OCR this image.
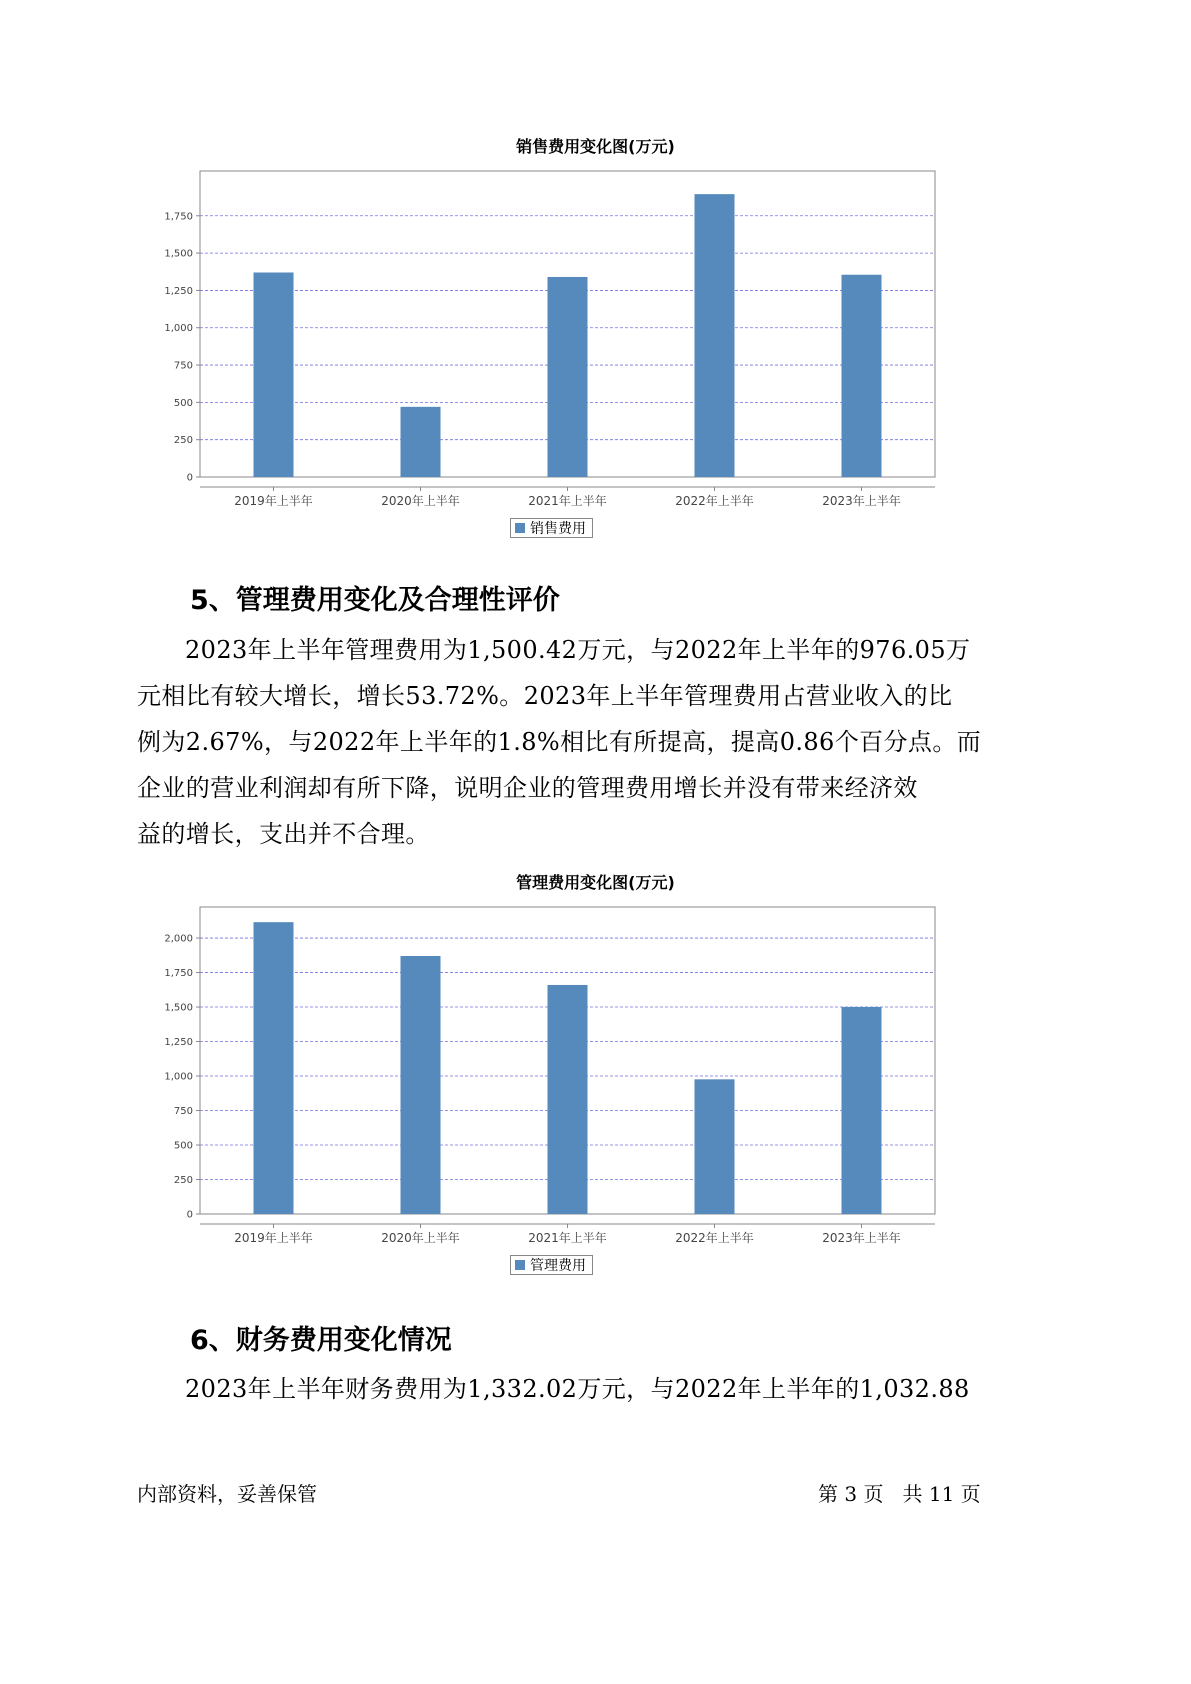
销售费用变化图(万元)
0
250
500
750
1,000
1,250
1,500
1,750
2019年上半年	2020年上半年	2021年上半年	2022年上半年	2023年上半年
销售费用
5、管理费用变化及合理性评价
2023年上半年管理费用为1,500.42万元，与2022年上半年的976.05万
元相比有较大增长，增长53.72%。2023年上半年管理费用占营业收入的比
例为2.67%，与2022年上半年的1.8%相比有所提高，提高0.86个百分点。而
企业的营业利润却有所下降，说明企业的管理费用增长并没有带来经济效
益的增长，支出并不合理。
管理费用变化图(万元)
0
250
500
750
1,000
1,250
1,500
1,750
2,000
2019年上半年	2020年上半年	2021年上半年	2022年上半年	2023年上半年
管理费用
6、财务费用变化情况
2023年上半年财务费用为1,332.02万元，与2022年上半年的1,032.88
内部资料，妥善保管	第 3 页   共 11 页
